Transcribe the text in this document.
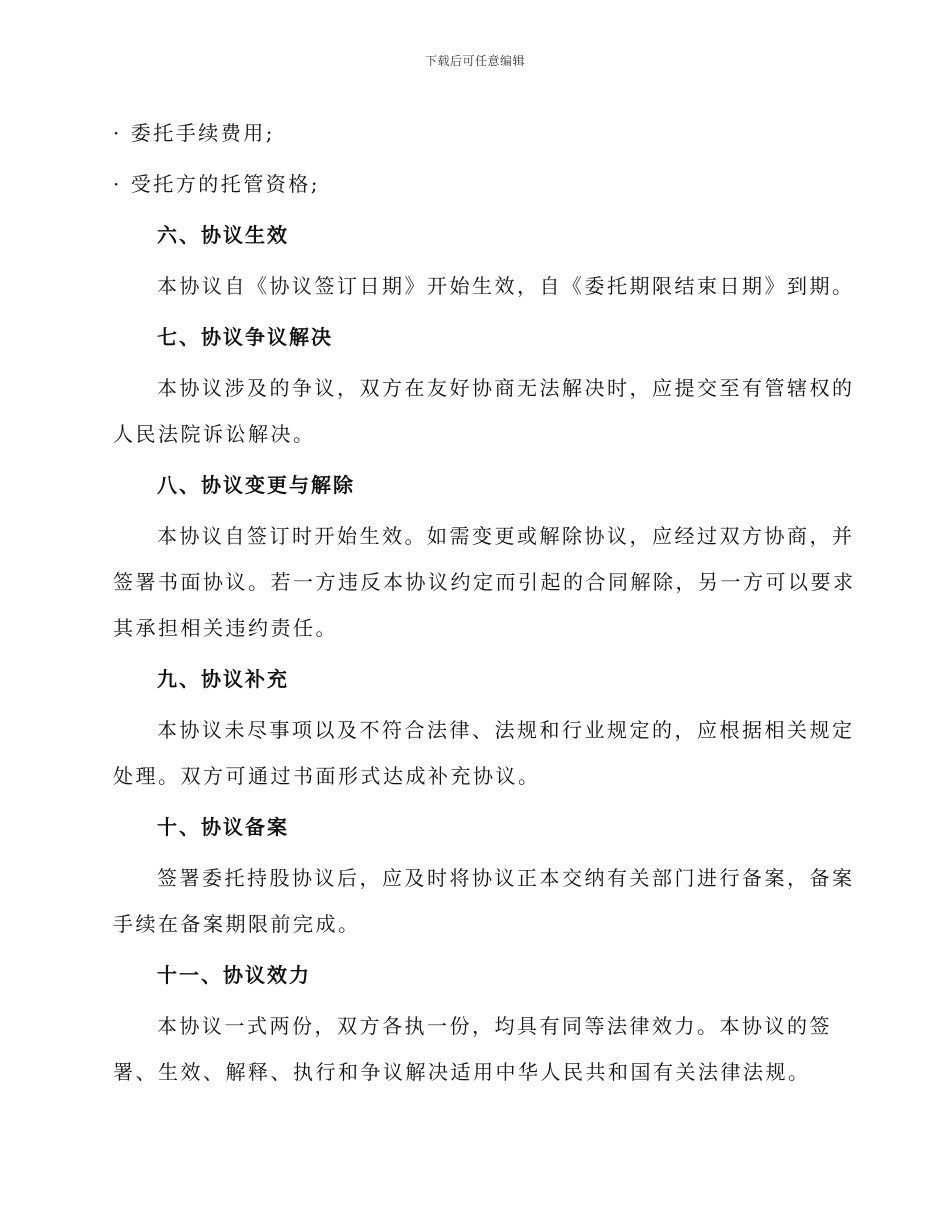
下载后可任意编辑
· 委托手续费用;
· 受托方的托管资格;
六、协议生效
本协议自《协议签订日期》开始生效，自《委托期限结束日期》到期。
七、协议争议解决
本协议涉及的争议，双方在友好协商无法解决时，应提交至有管辖权的
人民法院诉讼解决。
八、协议变更与解除
本协议自签订时开始生效。如需变更或解除协议，应经过双方协商，并
签署书面协议。若一方违反本协议约定而引起的合同解除，另一方可以要求
其承担相关违约责任。
九、协议补充
本协议未尽事项以及不符合法律、法规和行业规定的，应根据相关规定
处理。双方可通过书面形式达成补充协议。
十、协议备案
签署委托持股协议后，应及时将协议正本交纳有关部门进行备案，备案
手续在备案期限前完成。
十一、协议效力
本协议一式两份，双方各执一份，均具有同等法律效力。本协议的签
署、生效、解释、执行和争议解决适用中华人民共和国有关法律法规。
